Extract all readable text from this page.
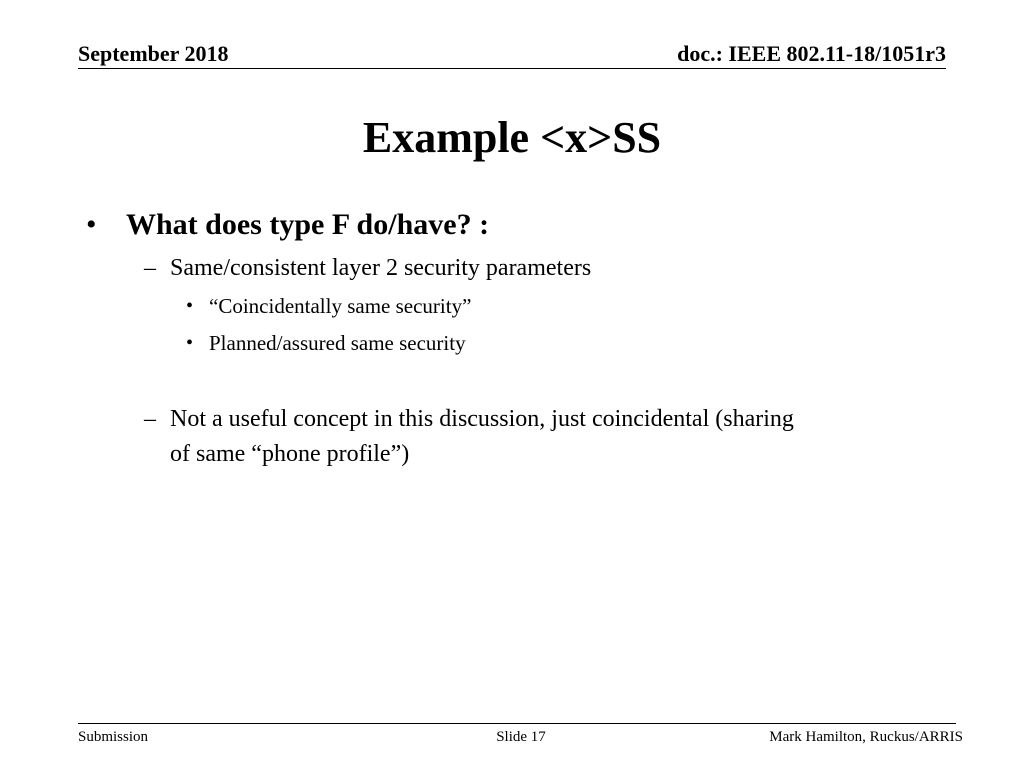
September 2018	doc.: IEEE 802.11-18/1051r3
Example <x>SS
• What does type F do/have? :
– Same/consistent layer 2 security parameters
• “Coincidentally same security”
• Planned/assured same security
– Not a useful concept in this discussion, just coincidental (sharing
of same “phone profile”)
Submission	Slide 17	Mark Hamilton, Ruckus/ARRIS
